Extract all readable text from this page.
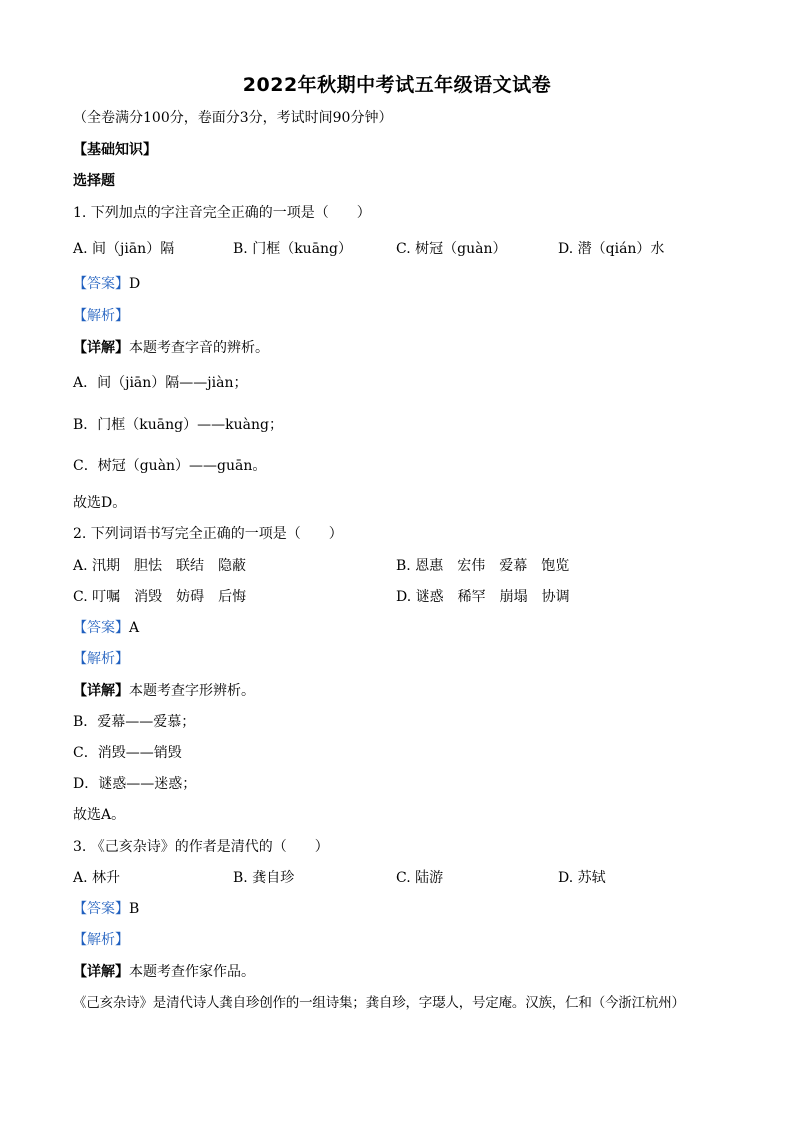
2022年秋期中考试五年级语文试卷
（全卷满分100分，卷面分3分，考试时间90分钟）
【基础知识】
选择题
1. 下列加点的字注音完全正确的一项是（　　）
A. 间（jiān）隔	B. 门框（kuāng）	C. 树冠（guàn）	D. 潜（qián）水
【答案】D
【解析】
【详解】本题考查字音的辨析。
A．间（jiān）隔——jiàn；
B．门框（kuāng）——kuàng；
C．树冠（guàn）——guān。
故选D。
2. 下列词语书写完全正确的一项是（　　）
A. 汛期　胆怯　联结　隐蔽	B. 恩惠　宏伟　爱幕　饱览
C. 叮嘱　消毁　妨碍　后悔	D. 谜惑　稀罕　崩塌　协调
【答案】A
【解析】
【详解】本题考查字形辨析。
B．爱幕——爱慕；
C．消毁——销毁
D．谜惑——迷惑；
故选A。
3. 《己亥杂诗》的作者是清代的（　　）
A. 林升	B. 龚自珍	C. 陆游	D. 苏轼
【答案】B
【解析】
【详解】本题考查作家作品。
《己亥杂诗》是清代诗人龚自珍创作的一组诗集；龚自珍，字璱人，号定庵。汉族，仁和（今浙江杭州）
